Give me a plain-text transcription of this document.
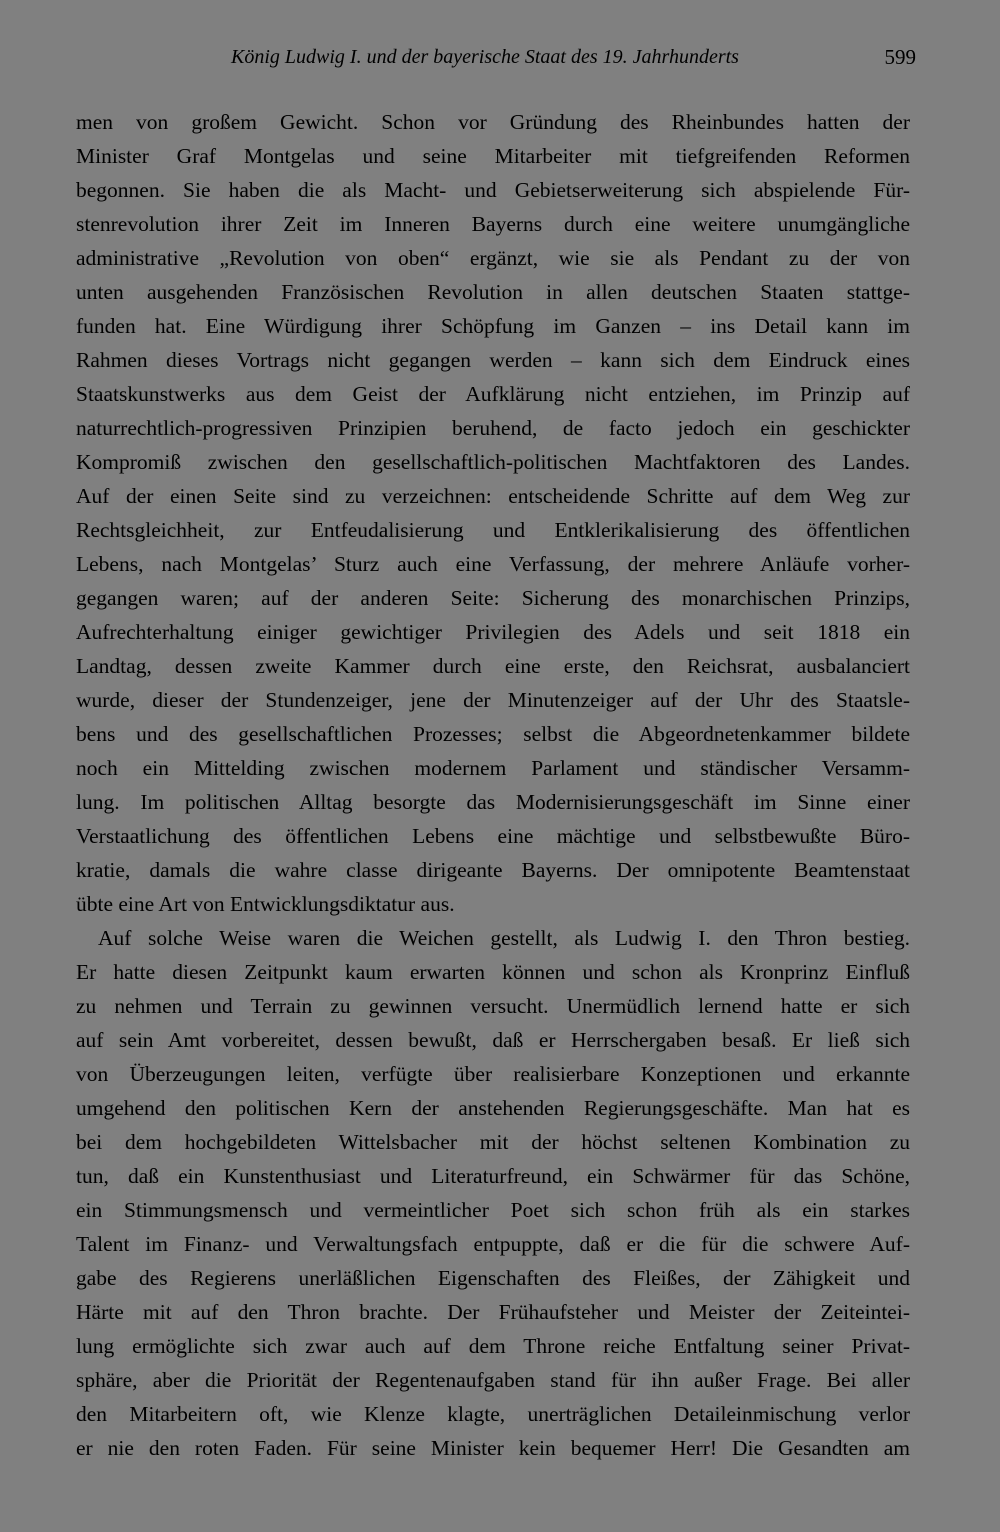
König Ludwig I. und der bayerische Staat des 19. Jahrhunderts	599
men von großem Gewicht. Schon vor Gründung des Rheinbundes hatten der
Minister Graf Montgelas und seine Mitarbeiter mit tiefgreifenden Reformen
begonnen. Sie haben die als Macht- und Gebietserweiterung sich abspielende Für-
stenrevolution ihrer Zeit im Inneren Bayerns durch eine weitere unumgängliche
administrative „Revolution von oben“ ergänzt, wie sie als Pendant zu der von
unten ausgehenden Französischen Revolution in allen deutschen Staaten stattge-
funden hat. Eine Würdigung ihrer Schöpfung im Ganzen – ins Detail kann im
Rahmen dieses Vortrags nicht gegangen werden – kann sich dem Eindruck eines
Staatskunstwerks aus dem Geist der Aufklärung nicht entziehen, im Prinzip auf
naturrechtlich-progressiven Prinzipien beruhend, de facto jedoch ein geschickter
Kompromiß zwischen den gesellschaftlich-politischen Machtfaktoren des Landes.
Auf der einen Seite sind zu verzeichnen: entscheidende Schritte auf dem Weg zur
Rechtsgleichheit, zur Entfeudalisierung und Entklerikalisierung des öffentlichen
Lebens, nach Montgelas’ Sturz auch eine Verfassung, der mehrere Anläufe vorher-
gegangen waren; auf der anderen Seite: Sicherung des monarchischen Prinzips,
Aufrechterhaltung einiger gewichtiger Privilegien des Adels und seit 1818 ein
Landtag, dessen zweite Kammer durch eine erste, den Reichsrat, ausbalanciert
wurde, dieser der Stundenzeiger, jene der Minutenzeiger auf der Uhr des Staatsle-
bens und des gesellschaftlichen Prozesses; selbst die Abgeordnetenkammer bildete
noch ein Mittelding zwischen modernem Parlament und ständischer Versamm-
lung. Im politischen Alltag besorgte das Modernisierungsgeschäft im Sinne einer
Verstaatlichung des öffentlichen Lebens eine mächtige und selbstbewußte Büro-
kratie, damals die wahre classe dirigeante Bayerns. Der omnipotente Beamtenstaat
übte eine Art von Entwicklungsdiktatur aus.
Auf solche Weise waren die Weichen gestellt, als Ludwig I. den Thron bestieg.
Er hatte diesen Zeitpunkt kaum erwarten können und schon als Kronprinz Einfluß
zu nehmen und Terrain zu gewinnen versucht. Unermüdlich lernend hatte er sich
auf sein Amt vorbereitet, dessen bewußt, daß er Herrschergaben besaß. Er ließ sich
von Überzeugungen leiten, verfügte über realisierbare Konzeptionen und erkannte
umgehend den politischen Kern der anstehenden Regierungsgeschäfte. Man hat es
bei dem hochgebildeten Wittelsbacher mit der höchst seltenen Kombination zu
tun, daß ein Kunstenthusiast und Literaturfreund, ein Schwärmer für das Schöne,
ein Stimmungsmensch und vermeintlicher Poet sich schon früh als ein starkes
Talent im Finanz- und Verwaltungsfach entpuppte, daß er die für die schwere Auf-
gabe des Regierens unerläßlichen Eigenschaften des Fleißes, der Zähigkeit und
Härte mit auf den Thron brachte. Der Frühaufsteher und Meister der Zeiteintei-
lung ermöglichte sich zwar auch auf dem Throne reiche Entfaltung seiner Privat-
sphäre, aber die Priorität der Regentenaufgaben stand für ihn außer Frage. Bei aller
den Mitarbeitern oft, wie Klenze klagte, unerträglichen Detaileinmischung verlor
er nie den roten Faden. Für seine Minister kein bequemer Herr! Die Gesandten am
